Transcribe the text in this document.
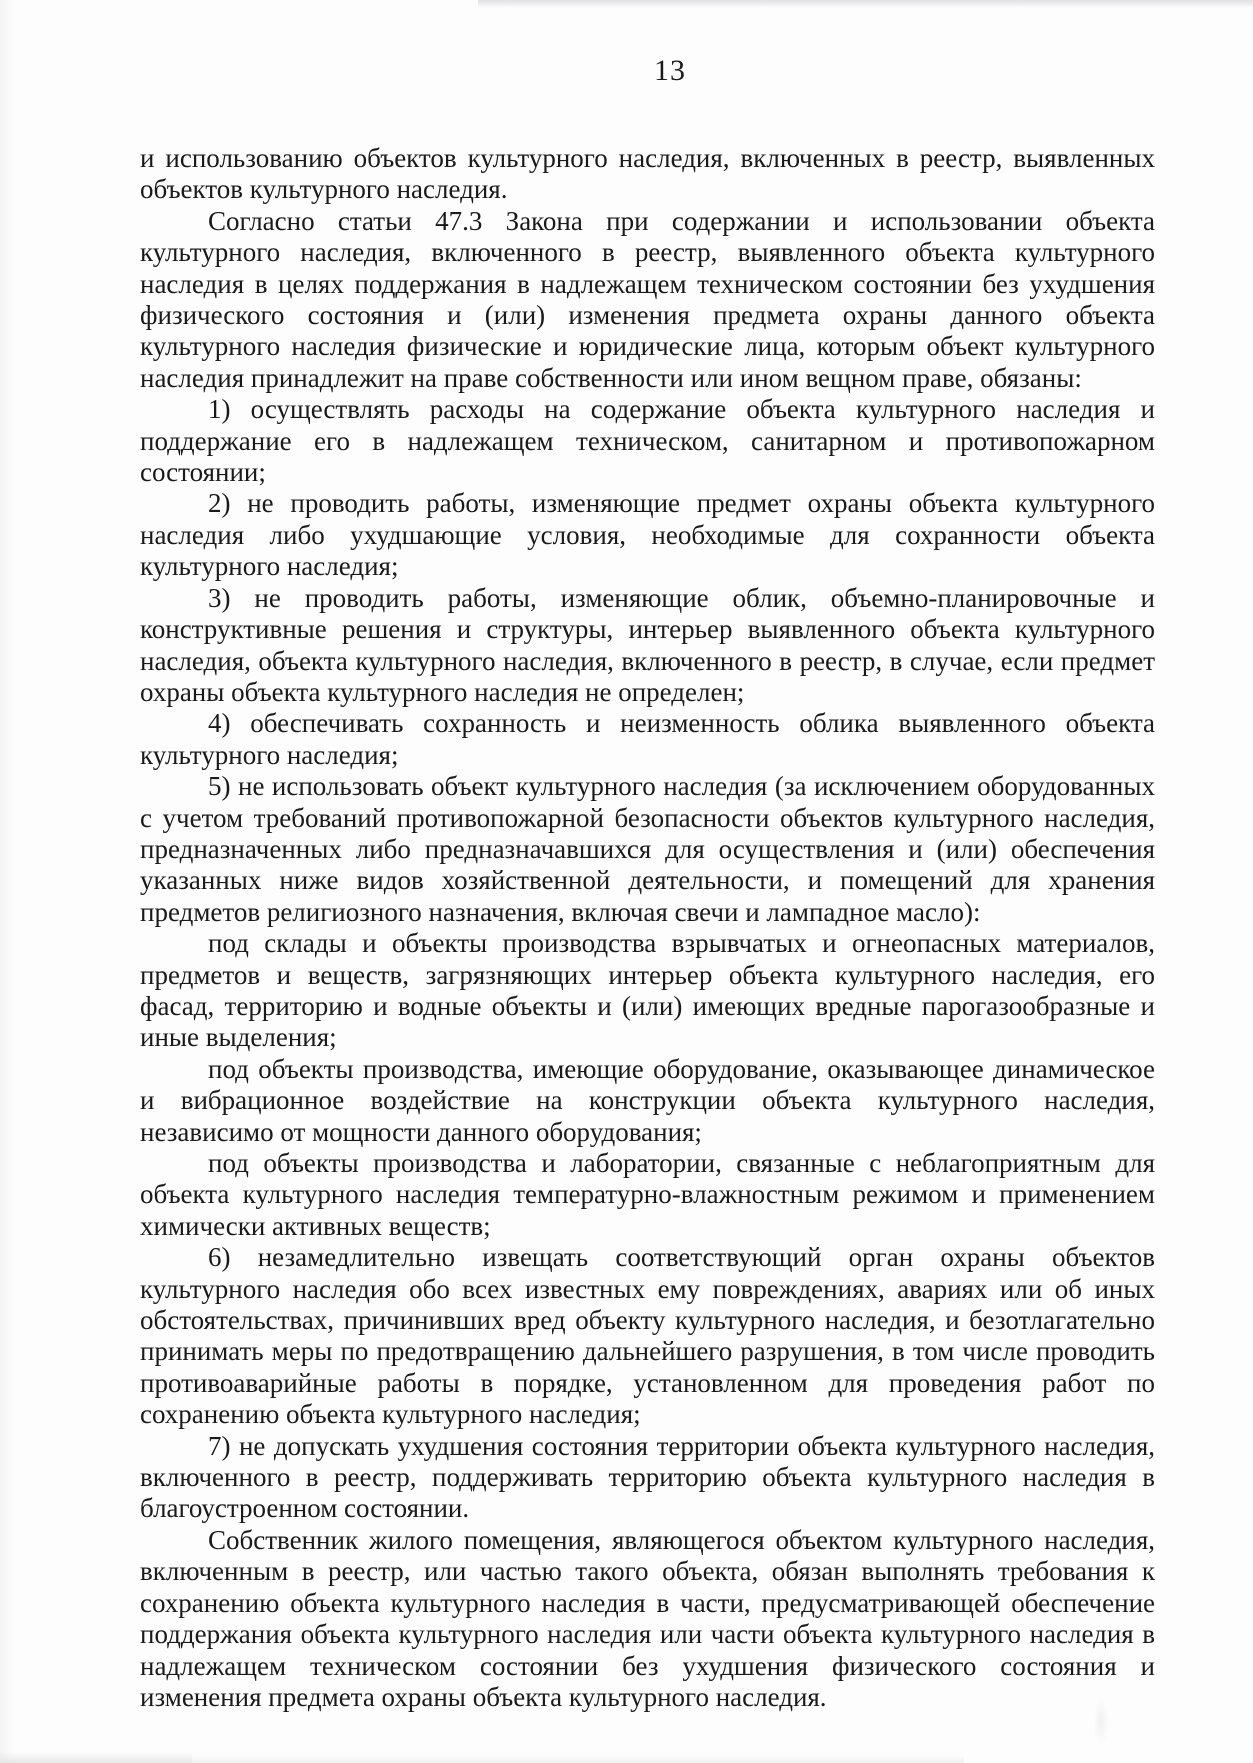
13

и использованию объектов культурного наследия, включенных в реестр, выявленных объектов культурного наследия.

Согласно статьи 47.3 Закона при содержании и использовании объекта культурного наследия, включенного в реестр, выявленного объекта культурного наследия в целях поддержания в надлежащем техническом состоянии без ухудшения физического состояния и (или) изменения предмета охраны данного объекта культурного наследия физические и юридические лица, которым объект культурного наследия принадлежит на праве собственности или ином вещном праве, обязаны:

1) осуществлять расходы на содержание объекта культурного наследия и поддержание его в надлежащем техническом, санитарном и противопожарном состоянии;

2) не проводить работы, изменяющие предмет охраны объекта культурного наследия либо ухудшающие условия, необходимые для сохранности объекта культурного наследия;

3) не проводить работы, изменяющие облик, объемно-планировочные и конструктивные решения и структуры, интерьер выявленного объекта культурного наследия, объекта культурного наследия, включенного в реестр, в случае, если предмет охраны объекта культурного наследия не определен;

4) обеспечивать сохранность и неизменность облика выявленного объекта культурного наследия;

5) не использовать объект культурного наследия (за исключением оборудованных с учетом требований противопожарной безопасности объектов культурного наследия, предназначенных либо предназначавшихся для осуществления и (или) обеспечения указанных ниже видов хозяйственной деятельности, и помещений для хранения предметов религиозного назначения, включая свечи и лампадное масло):

под склады и объекты производства взрывчатых и огнеопасных материалов, предметов и веществ, загрязняющих интерьер объекта культурного наследия, его фасад, территорию и водные объекты и (или) имеющих вредные парогазообразные и иные выделения;

под объекты производства, имеющие оборудование, оказывающее динамическое и вибрационное воздействие на конструкции объекта культурного наследия, независимо от мощности данного оборудования;

под объекты производства и лаборатории, связанные с неблагоприятным для объекта культурного наследия температурно-влажностным режимом и применением химически активных веществ;

6) незамедлительно извещать соответствующий орган охраны объектов культурного наследия обо всех известных ему повреждениях, авариях или об иных обстоятельствах, причинивших вред объекту культурного наследия, и безотлагательно принимать меры по предотвращению дальнейшего разрушения, в том числе проводить противоаварийные работы в порядке, установленном для проведения работ по сохранению объекта культурного наследия;

7) не допускать ухудшения состояния территории объекта культурного наследия, включенного в реестр, поддерживать территорию объекта культурного наследия в благоустроенном состоянии.

Собственник жилого помещения, являющегося объектом культурного наследия, включенным в реестр, или частью такого объекта, обязан выполнять требования к сохранению объекта культурного наследия в части, предусматривающей обеспечение поддержания объекта культурного наследия или части объекта культурного наследия в надлежащем техническом состоянии без ухудшения физического состояния и изменения предмета охраны объекта культурного наследия.
